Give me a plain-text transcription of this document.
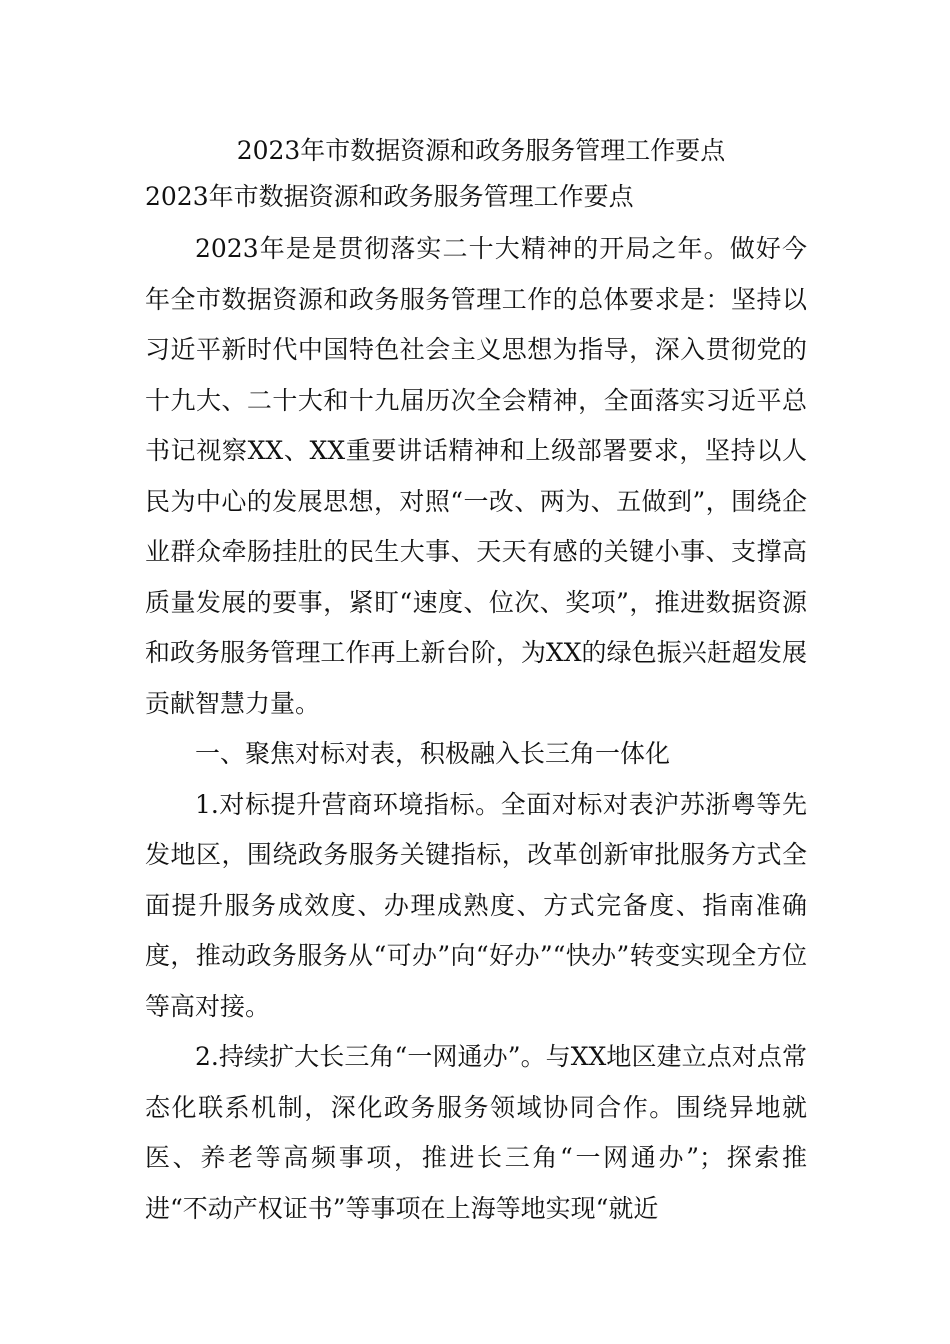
2023年市数据资源和政务服务管理工作要点

2023年市数据资源和政务服务管理工作要点

2023年是是贯彻落实二十大精神的开局之年。做好今年全市数据资源和政务服务管理工作的总体要求是：坚持以习近平新时代中国特色社会主义思想为指导，深入贯彻党的十九大、二十大和十九届历次全会精神，全面落实习近平总书记视察XX、XX重要讲话精神和上级部署要求，坚持以人民为中心的发展思想，对照“一改、两为、五做到”，围绕企业群众牵肠挂肚的民生大事、天天有感的关键小事、支撑高质量发展的要事，紧盯“速度、位次、奖项”，推进数据资源和政务服务管理工作再上新台阶，为XX的绿色振兴赶超发展贡献智慧力量。

一、聚焦对标对表，积极融入长三角一体化

1.对标提升营商环境指标。全面对标对表沪苏浙粤等先发地区，围绕政务服务关键指标，改革创新审批服务方式全面提升服务成效度、办理成熟度、方式完备度、指南准确度，推动政务服务从“可办”向“好办”“快办”转变实现全方位等高对接。

2.持续扩大长三角“一网通办”。与XX地区建立点对点常态化联系机制，深化政务服务领域协同合作。围绕异地就医、养老等高频事项，推进长三角“一网通办”；探索推进“不动产权证书”等事项在上海等地实现“就近
